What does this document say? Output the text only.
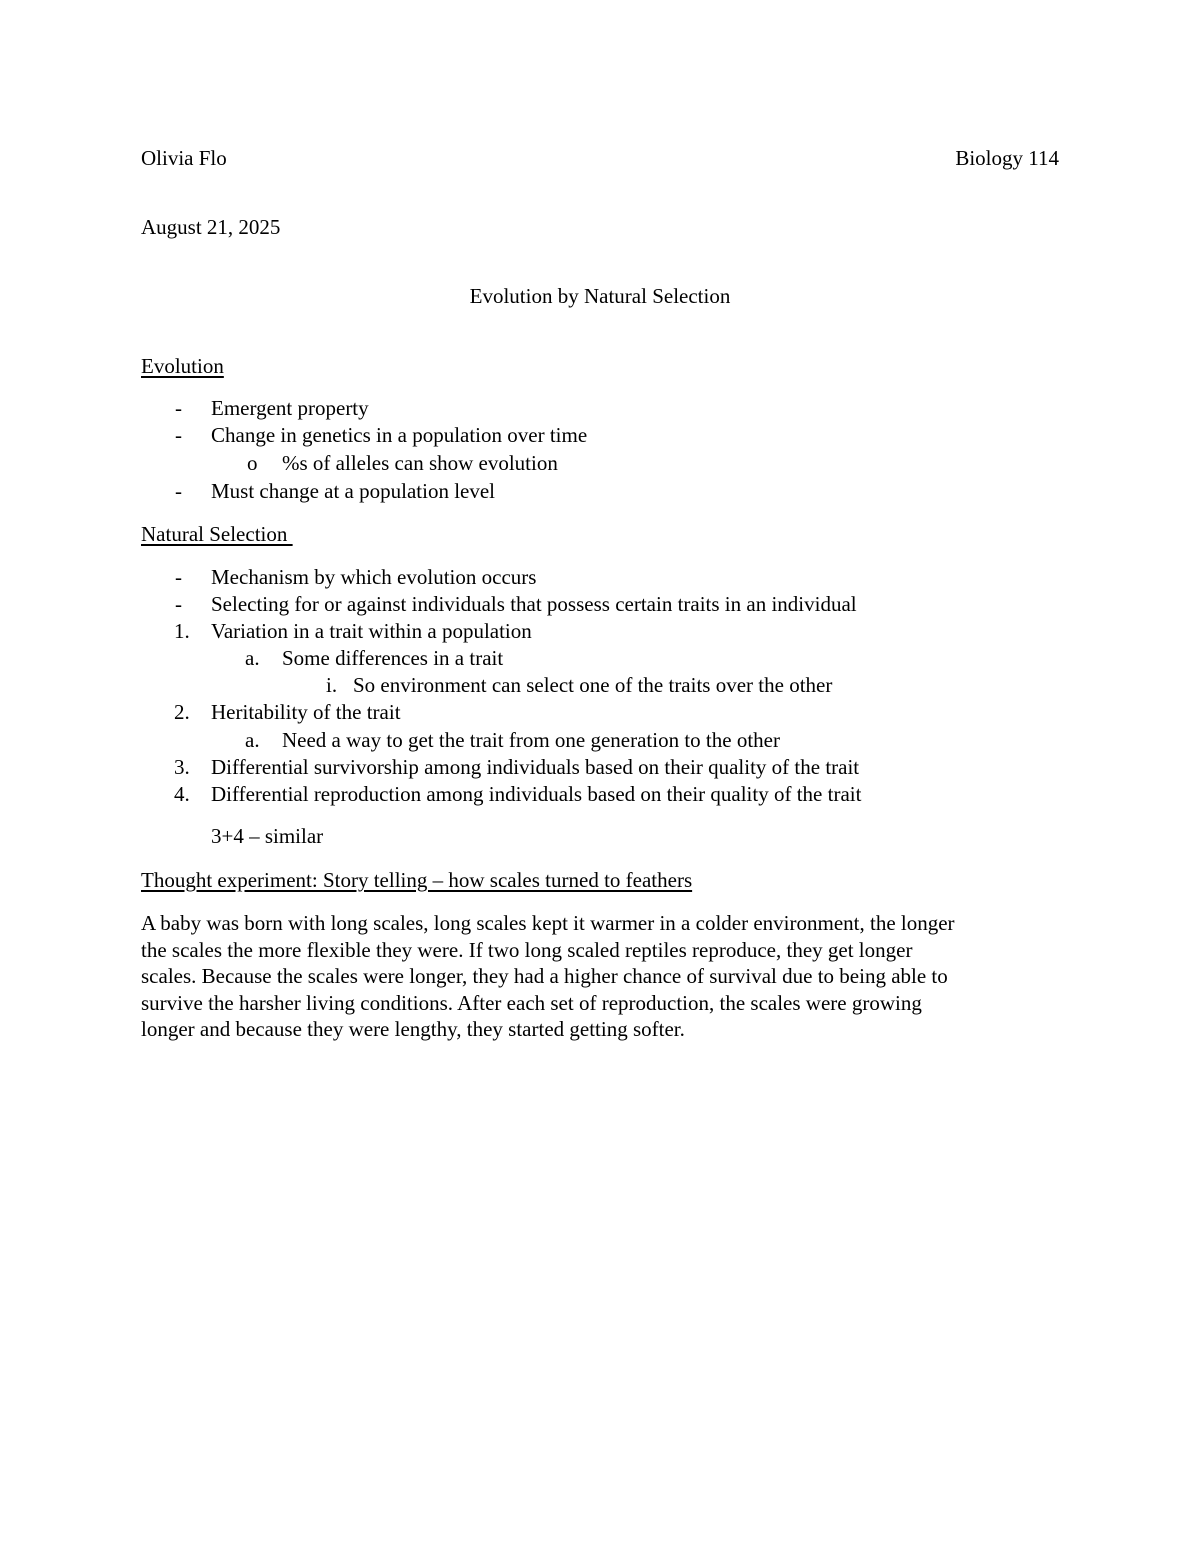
Olivia Flo	Biology 114
August 21, 2025
Evolution by Natural Selection
Evolution
- Emergent property
- Change in genetics in a population over time
o %s of alleles can show evolution
- Must change at a population level
Natural Selection
- Mechanism by which evolution occurs
- Selecting for or against individuals that possess certain traits in an individual
1. Variation in a trait within a population
a. Some differences in a trait
i. So environment can select one of the traits over the other
2. Heritability of the trait
a. Need a way to get the trait from one generation to the other
3. Differential survivorship among individuals based on their quality of the trait
4. Differential reproduction among individuals based on their quality of the trait
3+4 – similar
Thought experiment: Story telling – how scales turned to feathers
A baby was born with long scales, long scales kept it warmer in a colder environment, the longer
the scales the more flexible they were. If two long scaled reptiles reproduce, they get longer
scales. Because the scales were longer, they had a higher chance of survival due to being able to
survive the harsher living conditions. After each set of reproduction, the scales were growing
longer and because they were lengthy, they started getting softer.
